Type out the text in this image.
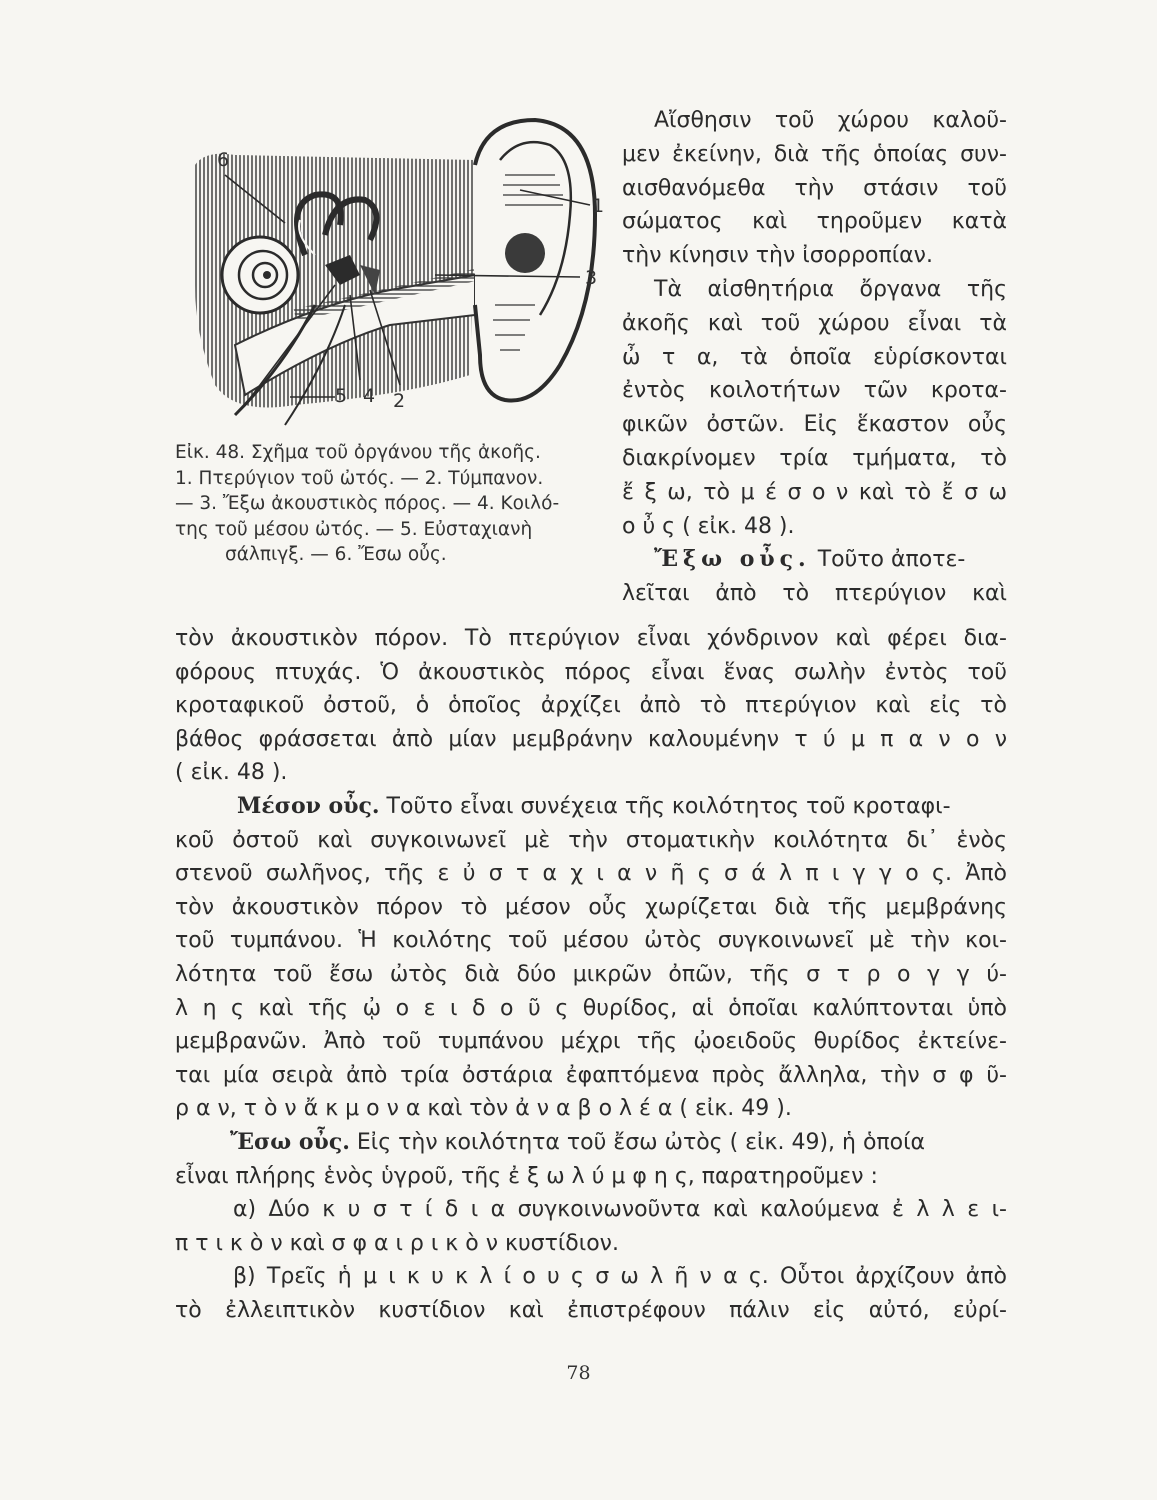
6
1
3
5 4 2
Εἰκ. 48. Σχῆμα τοῦ ὀργάνου τῆς ἀκοῆς.
1. Πτερύγιον τοῦ ὠτός. — 2. Τύμπανον.
— 3. Ἔξω ἀκουστικὸς πόρος. — 4. Κοιλό-
της τοῦ μέσου ὠτός. — 5. Εὐσταχιανὴ
σάλπιγξ. — 6. Ἔσω οὖς.
Αἴσθησιν τοῦ χώρου καλοῦ-
μεν ἐκείνην, διὰ τῆς ὁποίας συν-
αισθανόμεθα τὴν στάσιν τοῦ
σώματος καὶ τηροῦμεν κατὰ
τὴν κίνησιν τὴν ἰσορροπίαν.
Τὰ αἰσθητήρια ὄργανα τῆς
ἀκοῆς καὶ τοῦ χώρου εἶναι τὰ
ὦ τ α, τὰ ὁποῖα εὑρίσκονται
ἐντὸς κοιλοτήτων τῶν κροτα-
φικῶν ὀστῶν. Εἰς ἕκαστον οὖς
διακρίνομεν τρία τμήματα, τὸ
ἔ ξ ω, τὸ μ έ σ ο ν καὶ τὸ ἔ σ ω
ο ὖ ς ( εἰκ. 48 ).
Ἔξω οὖς. Τοῦτο ἀποτε-
λεῖται ἀπὸ τὸ πτερύγιον καὶ
τὸν ἀκουστικὸν πόρον. Τὸ πτερύγιον εἶναι χόνδρινον καὶ φέρει δια-
φόρους πτυχάς. Ὁ ἀκουστικὸς πόρος εἶναι ἕνας σωλὴν ἐντὸς τοῦ
κροταφικοῦ ὀστοῦ, ὁ ὁποῖος ἀρχίζει ἀπὸ τὸ πτερύγιον καὶ εἰς τὸ
βάθος φράσσεται ἀπὸ μίαν μεμβράνην καλουμένην τ ύ μ π α ν ο ν
( εἰκ. 48 ).
Μέσον οὖς. Τοῦτο εἶναι συνέχεια τῆς κοιλότητος τοῦ κροταφι-
κοῦ ὀστοῦ καὶ συγκοινωνεῖ μὲ τὴν στοματικὴν κοιλότητα δι᾽ ἑνὸς
στενοῦ σωλῆνος, τῆς ε ὐ σ τ α χ ι α ν ῆ ς σ ά λ π ι γ γ ο ς. Ἀπὸ
τὸν ἀκουστικὸν πόρον τὸ μέσον οὖς χωρίζεται διὰ τῆς μεμβράνης
τοῦ τυμπάνου. Ἡ κοιλότης τοῦ μέσου ὠτὸς συγκοινωνεῖ μὲ τὴν κοι-
λότητα τοῦ ἔσω ὠτὸς διὰ δύο μικρῶν ὀπῶν, τῆς σ τ ρ ο γ γ ύ-
λ η ς καὶ τῆς ᾠ ο ε ι δ ο ῦ ς θυρίδος, αἱ ὁποῖαι καλύπτονται ὑπὸ
μεμβρανῶν. Ἀπὸ τοῦ τυμπάνου μέχρι τῆς ᾠοειδοῦς θυρίδος ἐκτείνε-
ται μία σειρὰ ἀπὸ τρία ὀστάρια ἐφαπτόμενα πρὸς ἄλληλα, τὴν σ φ ῦ-
ρ α ν, τ ὸ ν ἄ κ μ ο ν α καὶ τὸν ἀ ν α β ο λ έ α ( εἰκ. 49 ).
Ἔσω οὖς. Εἰς τὴν κοιλότητα τοῦ ἔσω ὠτὸς ( εἰκ. 49), ἡ ὁποία
εἶναι πλήρης ἑνὸς ὑγροῦ, τῆς ἐ ξ ω λ ύ μ φ η ς, παρατηροῦμεν :
α) Δύο κ υ σ τ ί δ ι α συγκοινωνοῦντα καὶ καλούμενα ἐ λ λ ε ι-
π τ ι κ ὸ ν καὶ σ φ α ι ρ ι κ ὸ ν κυστίδιον.
β) Τρεῖς ἡ μ ι κ υ κ λ ί ο υ ς σ ω λ ῆ ν α ς. Οὗτοι ἀρχίζουν ἀπὸ
τὸ ἐλλειπτικὸν κυστίδιον καὶ ἐπιστρέφουν πάλιν εἰς αὐτό, εὐρί-
78
